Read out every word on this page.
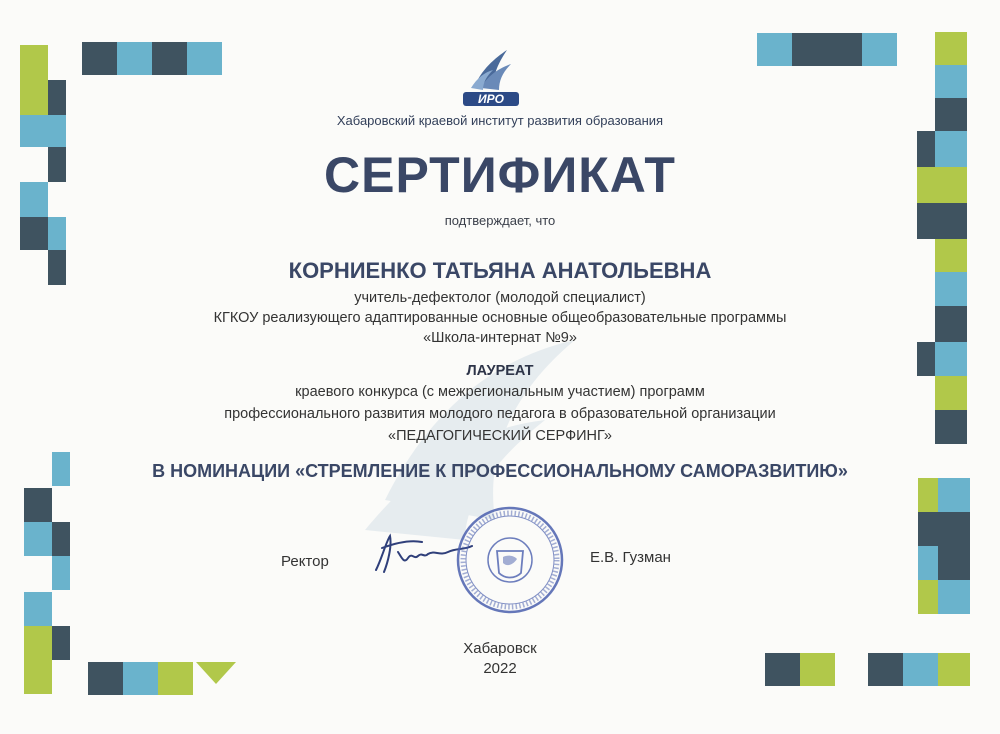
ИРО
Хабаровский краевой институт развития образования
СЕРТИФИКАТ
подтверждает, что
КОРНИЕНКО ТАТЬЯНА АНАТОЛЬЕВНА
учитель-дефектолог (молодой специалист)
КГКОУ реализующего адаптированные основные общеобразовательные программы
«Школа-интернат №9»
ЛАУРЕАТ
краевого конкурса (с межрегиональным участием) программ
профессионального развития молодого педагога в образовательной организации
«ПЕДАГОГИЧЕСКИЙ СЕРФИНГ»
В НОМИНАЦИИ «СТРЕМЛЕНИЕ К ПРОФЕССИОНАЛЬНОМУ САМОРАЗВИТИЮ»
Ректор	Е.В. Гузман
Хабаровск
2022
